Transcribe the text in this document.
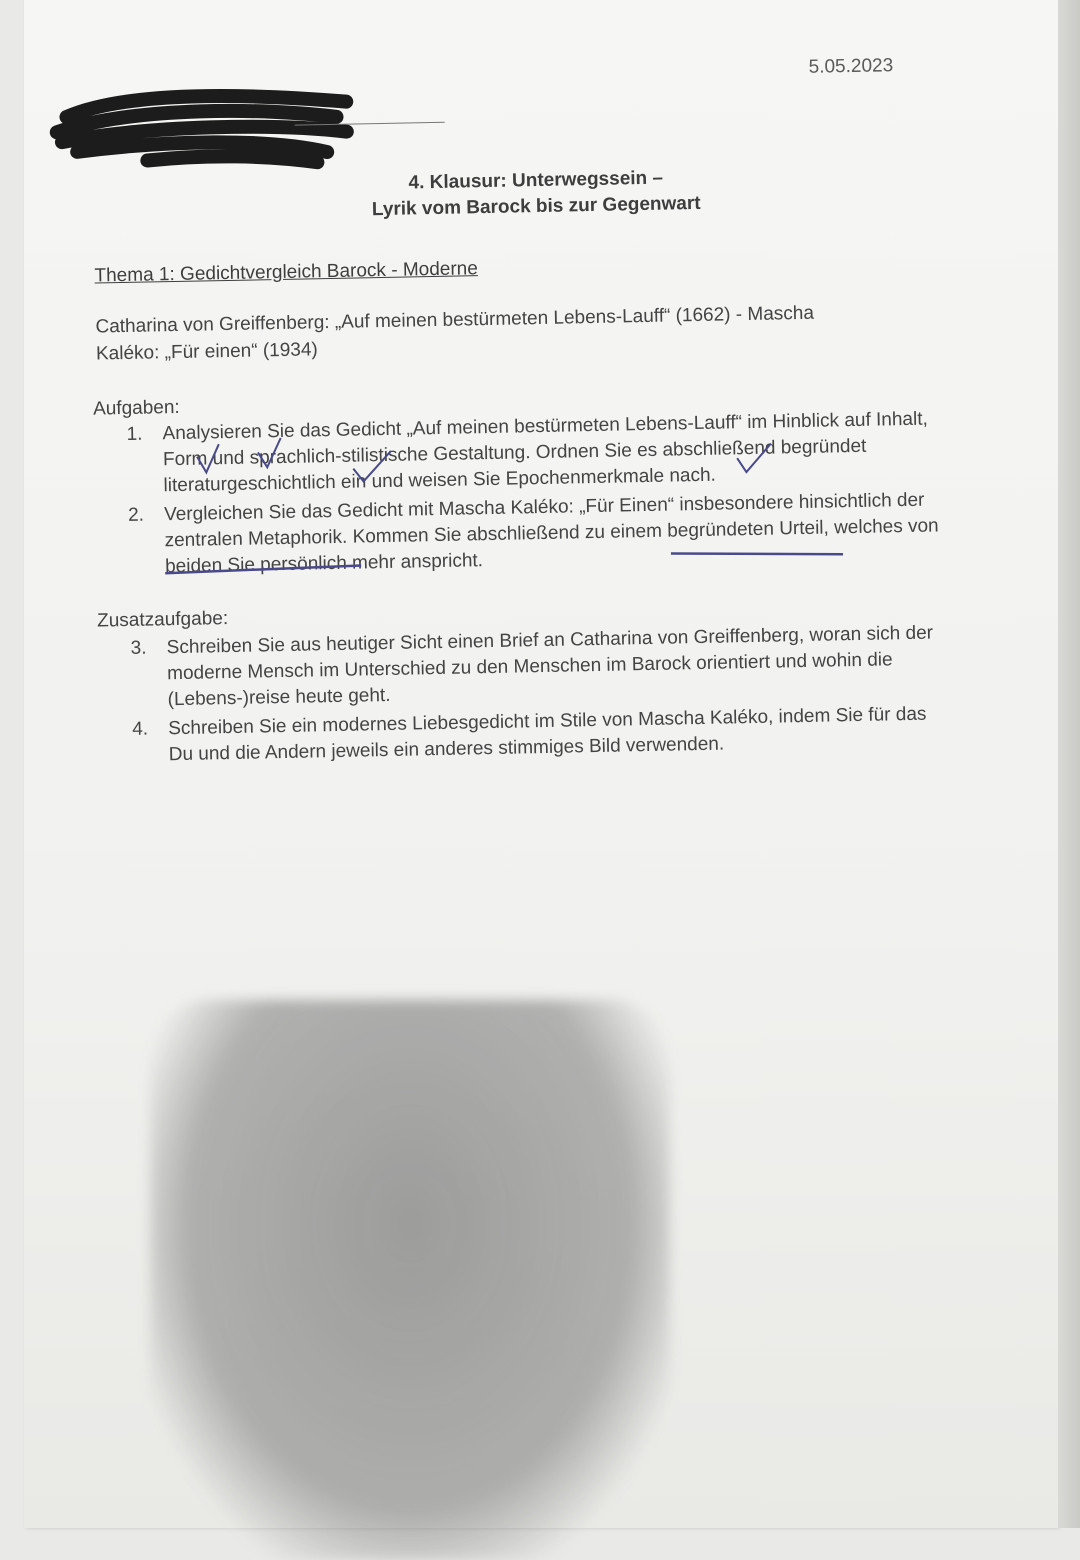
5.05.2023
4. Klausur: Unterwegssein –
Lyrik vom Barock bis zur Gegenwart
Thema 1: Gedichtvergleich Barock - Moderne
Catharina von Greiffenberg: „Auf meinen bestürmeten Lebens-Lauff“ (1662) - Mascha
Kaléko: „Für einen“ (1934)
Aufgaben:
1.	Analysieren Sie das Gedicht „Auf meinen bestürmeten Lebens-Lauff“ im Hinblick auf Inhalt, Form und sprachlich-stilistische Gestaltung. Ordnen Sie es abschließend begründet literaturgeschichtlich ein und weisen Sie Epochenmerkmale nach.
2.	Vergleichen Sie das Gedicht mit Mascha Kaléko: „Für Einen“ insbesondere hinsichtlich der zentralen Metaphorik. Kommen Sie abschließend zu einem begründeten Urteil, welches von beiden Sie persönlich mehr anspricht.
Zusatzaufgabe:
3.	Schreiben Sie aus heutiger Sicht einen Brief an Catharina von Greiffenberg, woran sich der moderne Mensch im Unterschied zu den Menschen im Barock orientiert und wohin die (Lebens-)reise heute geht.
4.	Schreiben Sie ein modernes Liebesgedicht im Stile von Mascha Kaléko, indem Sie für das Du und die Andern jeweils ein anderes stimmiges Bild verwenden.
